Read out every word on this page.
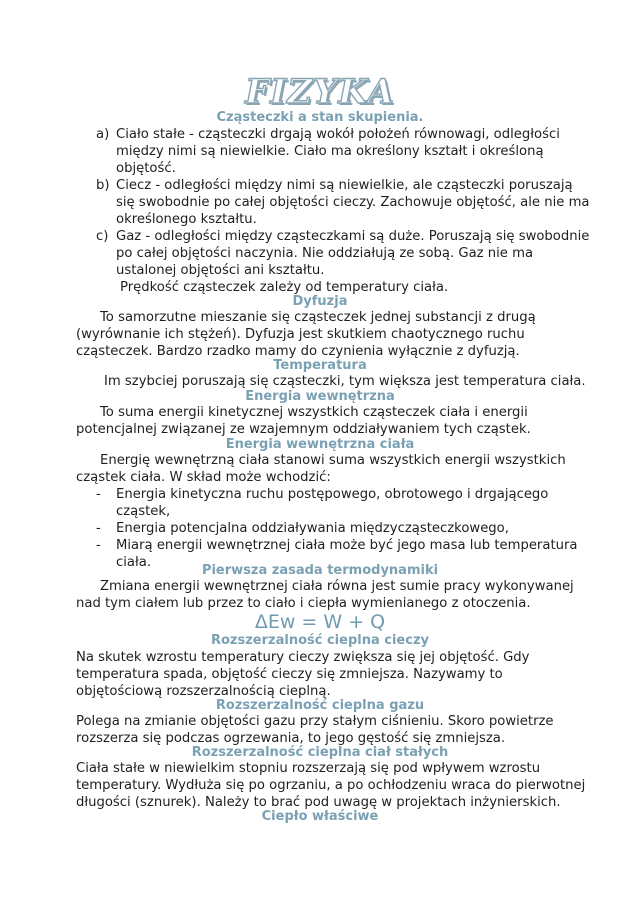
FIZYKA
Cząsteczki a stan skupienia.
a) Ciało stałe - cząsteczki drgają wokół położeń równowagi, odległości
między nimi są niewielkie. Ciało ma określony kształt i określoną
objętość.
b) Ciecz - odległości między nimi są niewielkie, ale cząsteczki poruszają
się swobodnie po całej objętości cieczy. Zachowuje objętość, ale nie ma
określonego kształtu.
c) Gaz - odległości między cząsteczkami są duże. Poruszają się swobodnie
po całej objętości naczynia. Nie oddziałują ze sobą. Gaz nie ma
ustalonej objętości ani kształtu.
Prędkość cząsteczek zależy od temperatury ciała.
Dyfuzja
To samorzutne mieszanie się cząsteczek jednej substancji z drugą
(wyrównanie ich stężeń). Dyfuzja jest skutkiem chaotycznego ruchu
cząsteczek. Bardzo rzadko mamy do czynienia wyłącznie z dyfuzją.
Temperatura
Im szybciej poruszają się cząsteczki, tym większa jest temperatura ciała.
Energia wewnętrzna
To suma energii kinetycznej wszystkich cząsteczek ciała i energii
potencjalnej związanej ze wzajemnym oddziaływaniem tych cząstek.
Energia wewnętrzna ciała
Energię wewnętrzną ciała stanowi suma wszystkich energii wszystkich
cząstek ciała. W skład może wchodzić:
- Energia kinetyczna ruchu postępowego, obrotowego i drgającego
cząstek,
- Energia potencjalna oddziaływania międzycząsteczkowego,
- Miarą energii wewnętrznej ciała może być jego masa lub temperatura
ciała.
Pierwsza zasada termodynamiki
Zmiana energii wewnętrznej ciała równa jest sumie pracy wykonywanej
nad tym ciałem lub przez to ciało i ciepła wymienianego z otoczenia.
ΔEw = W + Q
Rozszerzalność cieplna cieczy
Na skutek wzrostu temperatury cieczy zwiększa się jej objętość. Gdy
temperatura spada, objętość cieczy się zmniejsza. Nazywamy to
objętościową rozszerzalnością cieplną.
Rozszerzalność cieplna gazu
Polega na zmianie objętości gazu przy stałym ciśnieniu. Skoro powietrze
rozszerza się podczas ogrzewania, to jego gęstość się zmniejsza.
Rozszerzalność cieplna ciał stałych
Ciała stałe w niewielkim stopniu rozszerzają się pod wpływem wzrostu
temperatury. Wydłuża się po ogrzaniu, a po ochłodzeniu wraca do pierwotnej
długości (sznurek). Należy to brać pod uwagę w projektach inżynierskich.
Ciepło właściwe
